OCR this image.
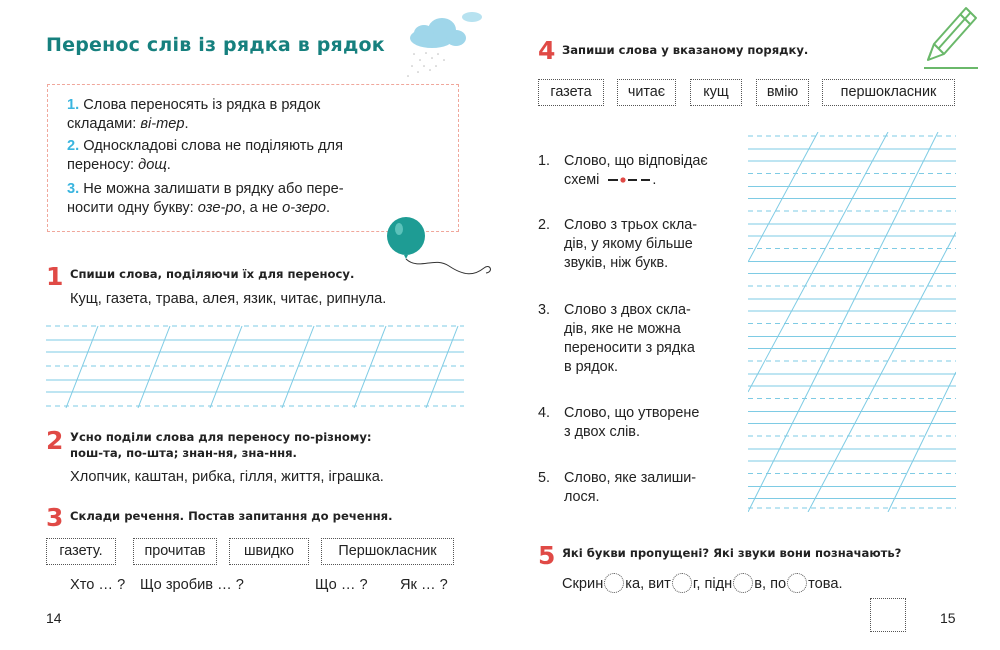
Перенос слів із рядка в рядок
1. Слова переносять із рядка в рядок
складами: ві-тер.
2. Односкладові слова не поділяють для
переносу: дощ.
3. Не можна залишати в рядку або пере-
носити одну букву: озе-ро, а не о-зеро.
1 Спиши слова, поділяючи їх для переносу.
Кущ, газета, трава, алея, язик, читає, рипнула.
2 Усно поділи слова для переносу по-різному:
пош-та, по-шта; знан-ня, зна-ння.
Хлопчик, каштан, рибка, гілля, життя, іграшка.
3 Склади речення. Постав запитання до речення.
газету.	прочитав	швидко	Першокласник
Хто … ? Що зробив … ?	Що … ? Як … ?
14
4 Запиши слова у вказаному порядку.
газета	читає	кущ	вмію	першокласник
1. Слово, що відповідає
схемі	.
2. Слово з трьох скла-
дів, у якому більше
звуків, ніж букв.
3. Слово з двох скла-
дів, яке не можна
переносити з рядка
в рядок.
4. Слово, що утворене
з двох слів.
5. Слово, яке залиши-
лося.
5 Які букви пропущені? Які звуки вони позначають?
Скрин ка, вит г, підн в, по това.
15
